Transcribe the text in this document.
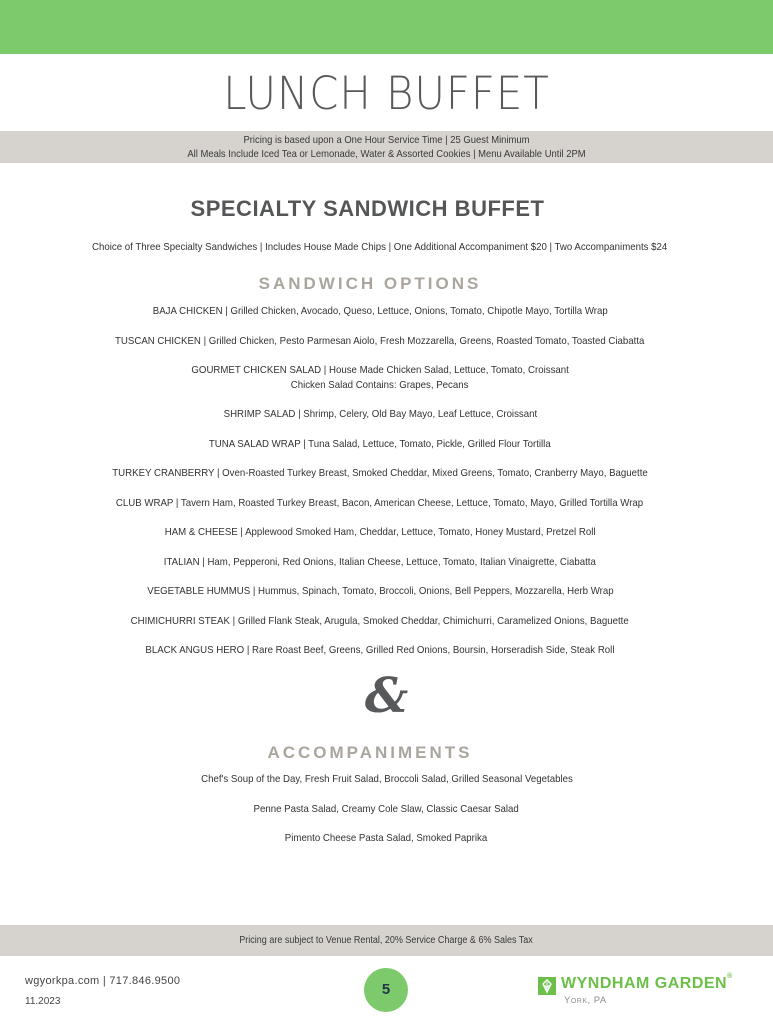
LUNCH BUFFET
Pricing is based upon a One Hour Service Time | 25 Guest Minimum
All Meals Include Iced Tea or Lemonade, Water & Assorted Cookies | Menu Available Until 2PM
SPECIALTY SANDWICH BUFFET
Choice of Three Specialty Sandwiches | Includes House Made Chips | One Additional Accompaniment $20 | Two Accompaniments $24
SANDWICH OPTIONS
BAJA CHICKEN | Grilled Chicken, Avocado, Queso, Lettuce, Onions, Tomato, Chipotle Mayo, Tortilla Wrap
TUSCAN CHICKEN | Grilled Chicken, Pesto Parmesan Aiolo, Fresh Mozzarella, Greens, Roasted Tomato, Toasted Ciabatta
GOURMET CHICKEN SALAD | House Made Chicken Salad, Lettuce, Tomato, Croissant
Chicken Salad Contains: Grapes, Pecans
SHRIMP SALAD | Shrimp, Celery, Old Bay Mayo, Leaf Lettuce, Croissant
TUNA SALAD WRAP | Tuna Salad, Lettuce, Tomato, Pickle, Grilled Flour Tortilla
TURKEY CRANBERRY | Oven-Roasted Turkey Breast, Smoked Cheddar, Mixed Greens, Tomato, Cranberry Mayo, Baguette
CLUB WRAP | Tavern Ham, Roasted Turkey Breast, Bacon, American Cheese, Lettuce, Tomato, Mayo, Grilled Tortilla Wrap
HAM & CHEESE | Applewood Smoked Ham, Cheddar, Lettuce, Tomato, Honey Mustard, Pretzel Roll
ITALIAN | Ham, Pepperoni, Red Onions, Italian Cheese, Lettuce, Tomato, Italian Vinaigrette, Ciabatta
VEGETABLE HUMMUS | Hummus, Spinach, Tomato, Broccoli, Onions, Bell Peppers, Mozzarella, Herb Wrap
CHIMICHURRI STEAK | Grilled Flank Steak, Arugula, Smoked Cheddar, Chimichurri, Caramelized Onions, Baguette
BLACK ANGUS HERO | Rare Roast Beef, Greens, Grilled Red Onions, Boursin, Horseradish Side, Steak Roll
&
ACCOMPANIMENTS
Chef's Soup of the Day, Fresh Fruit Salad, Broccoli Salad, Grilled Seasonal Vegetables
Penne Pasta Salad, Creamy Cole Slaw, Classic Caesar Salad
Pimento Cheese Pasta Salad, Smoked Paprika
Pricing are subject to Venue Rental, 20% Service Charge & 6% Sales Tax
wgyorkpa.com | 717.846.9500
11.2023
5	WYNDHAM GARDEN®
York, PA
